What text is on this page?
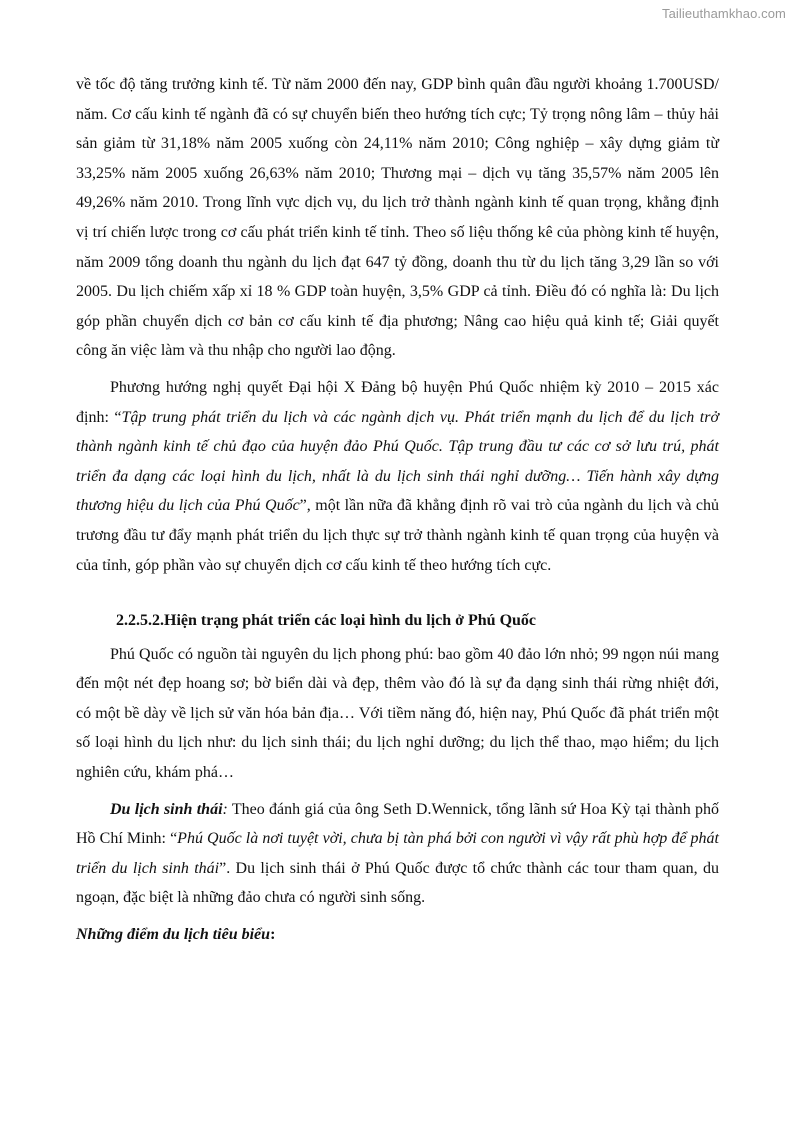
Tailieuthamkhao.com

về tốc độ tăng trưởng kinh tế. Từ năm 2000 đến nay, GDP bình quân đầu người khoảng 1.700USD/ năm. Cơ cấu kinh tế ngành đã có sự chuyển biến theo hướng tích cực; Tỷ trọng nông lâm – thủy hải sản giảm từ 31,18% năm 2005 xuống còn 24,11% năm 2010; Công nghiệp – xây dựng giảm từ 33,25% năm 2005 xuống 26,63% năm 2010; Thương mại – dịch vụ tăng 35,57% năm 2005 lên 49,26% năm 2010. Trong lĩnh vực dịch vụ, du lịch trở thành ngành kinh tế quan trọng, khẳng định vị trí chiến lược trong cơ cấu phát triển kinh tế tỉnh. Theo số liệu thống kê của phòng kinh tế huyện, năm 2009 tổng doanh thu ngành du lịch đạt 647 tỷ đồng, doanh thu từ du lịch tăng 3,29 lần so với 2005. Du lịch chiếm xấp xỉ 18 % GDP toàn huyện, 3,5% GDP cả tỉnh. Điều đó có nghĩa là: Du lịch góp phần chuyển dịch cơ bản cơ cấu kinh tế địa phương; Nâng cao hiệu quả kinh tế; Giải quyết công ăn việc làm và thu nhập cho người lao động.

Phương hướng nghị quyết Đại hội X Đảng bộ huyện Phú Quốc nhiệm kỳ 2010 – 2015 xác định: “Tập trung phát triển du lịch và các ngành dịch vụ. Phát triển mạnh du lịch để du lịch trở thành ngành kinh tế chủ đạo của huyện đảo Phú Quốc. Tập trung đầu tư các cơ sở lưu trú, phát triển đa dạng các loại hình du lịch, nhất là du lịch sinh thái nghỉ dưỡng… Tiến hành xây dựng thương hiệu du lịch của Phú Quốc”, một lần nữa đã khẳng định rõ vai trò của ngành du lịch và chủ trương đầu tư đẩy mạnh phát triển du lịch thực sự trở thành ngành kinh tế quan trọng của huyện và của tỉnh, góp phần vào sự chuyển dịch cơ cấu kinh tế theo hướng tích cực.

2.2.5.2.Hiện trạng phát triển các loại hình du lịch ở Phú Quốc

Phú Quốc có nguồn tài nguyên du lịch phong phú: bao gồm 40 đảo lớn nhỏ; 99 ngọn núi mang đến một nét đẹp hoang sơ; bờ biển dài và đẹp, thêm vào đó là sự đa dạng sinh thái rừng nhiệt đới, có một bề dày về lịch sử văn hóa bản địa… Với tiềm năng đó, hiện nay, Phú Quốc đã phát triển một số loại hình du lịch như: du lịch sinh thái; du lịch nghỉ dưỡng; du lịch thể thao, mạo hiểm; du lịch nghiên cứu, khám phá…

Du lịch sinh thái: Theo đánh giá của ông Seth D.Wennick, tổng lãnh sứ Hoa Kỳ tại thành phố Hồ Chí Minh: “Phú Quốc là nơi tuyệt vời, chưa bị tàn phá bởi con người vì vậy rất phù hợp để phát triển du lịch sinh thái”. Du lịch sinh thái ở Phú Quốc được tổ chức thành các tour tham quan, du ngoạn, đặc biệt là những đảo chưa có người sinh sống.

Những điểm du lịch tiêu biểu:
